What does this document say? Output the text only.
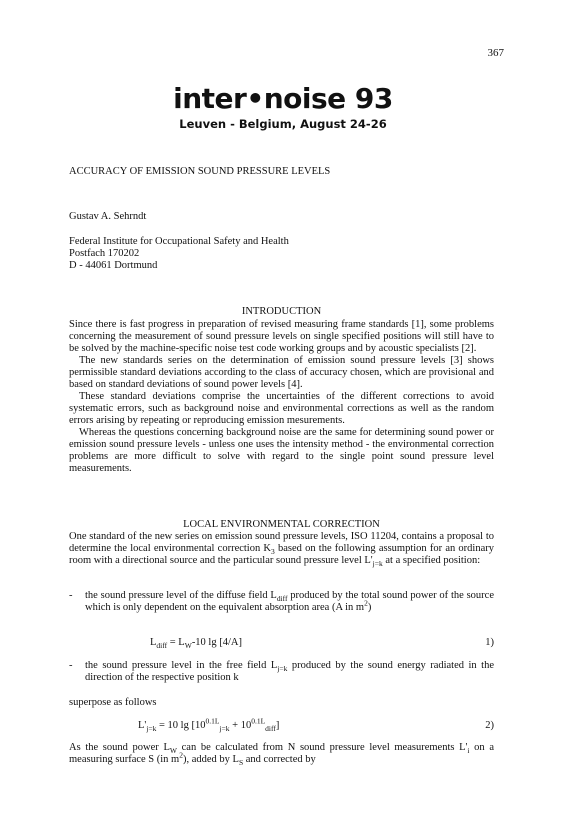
367
inter•noise 93
Leuven - Belgium, August 24-26
ACCURACY OF EMISSION SOUND PRESSURE LEVELS
Gustav A. Sehrndt
Federal Institute for Occupational Safety and Health
Postfach 170202
D - 44061 Dortmund
INTRODUCTION

Since there is fast progress in preparation of revised measuring frame standards [1], some problems concerning the measurement of sound pressure levels on single specified positions will still have to be solved by the machine-specific noise test code working groups and by acoustic specialists [2].

The new standards series on the determination of emission sound pressure levels [3] shows permissible standard deviations according to the class of accuracy chosen, which are provisional and based on standard deviations of sound power levels [4].

These standard deviations comprise the uncertainties of the different corrections to avoid systematic errors, such as background noise and environmental corrections as well as the random errors arising by repeating or reproducing emission mesurements.

Whereas the questions concerning background noise are the same for determining sound power or emission sound pressure levels - unless one uses the intensity method - the environmental correction problems are more difficult to solve with regard to the single point sound pressure level measurements.

LOCAL ENVIRONMENTAL CORRECTION

One standard of the new series on emission sound pressure levels, ISO 11204, contains a proposal to determine the local environmental correction $K_3$ based on the following assumption for an ordinary room with a directional source and the particular sound pressure level $L'_{j=k}$ at a specified position:

- the sound pressure level of the diffuse field $L_{diff}$ produced by the total sound power of the source which is only dependent on the equivalent absorption area (A in $m^2$)
$L_{diff} = L_W-10$ lg [4/A]	1)
- the sound pressure level in the free field $L_{j=k}$ produced by the sound energy radiated in the direction of the respective position k
superpose as follows
$L'_{j=k} = 10$ $\lg [10^{0.1L}_{j=k} + 10^{0.1L}_{diff}]$	2)

As the sound power $L_W$ can be calculated from N sound pressure level measurements $L'_i$ on a measuring surface S (in $m^2$), added by $L_S$ and corrected by
